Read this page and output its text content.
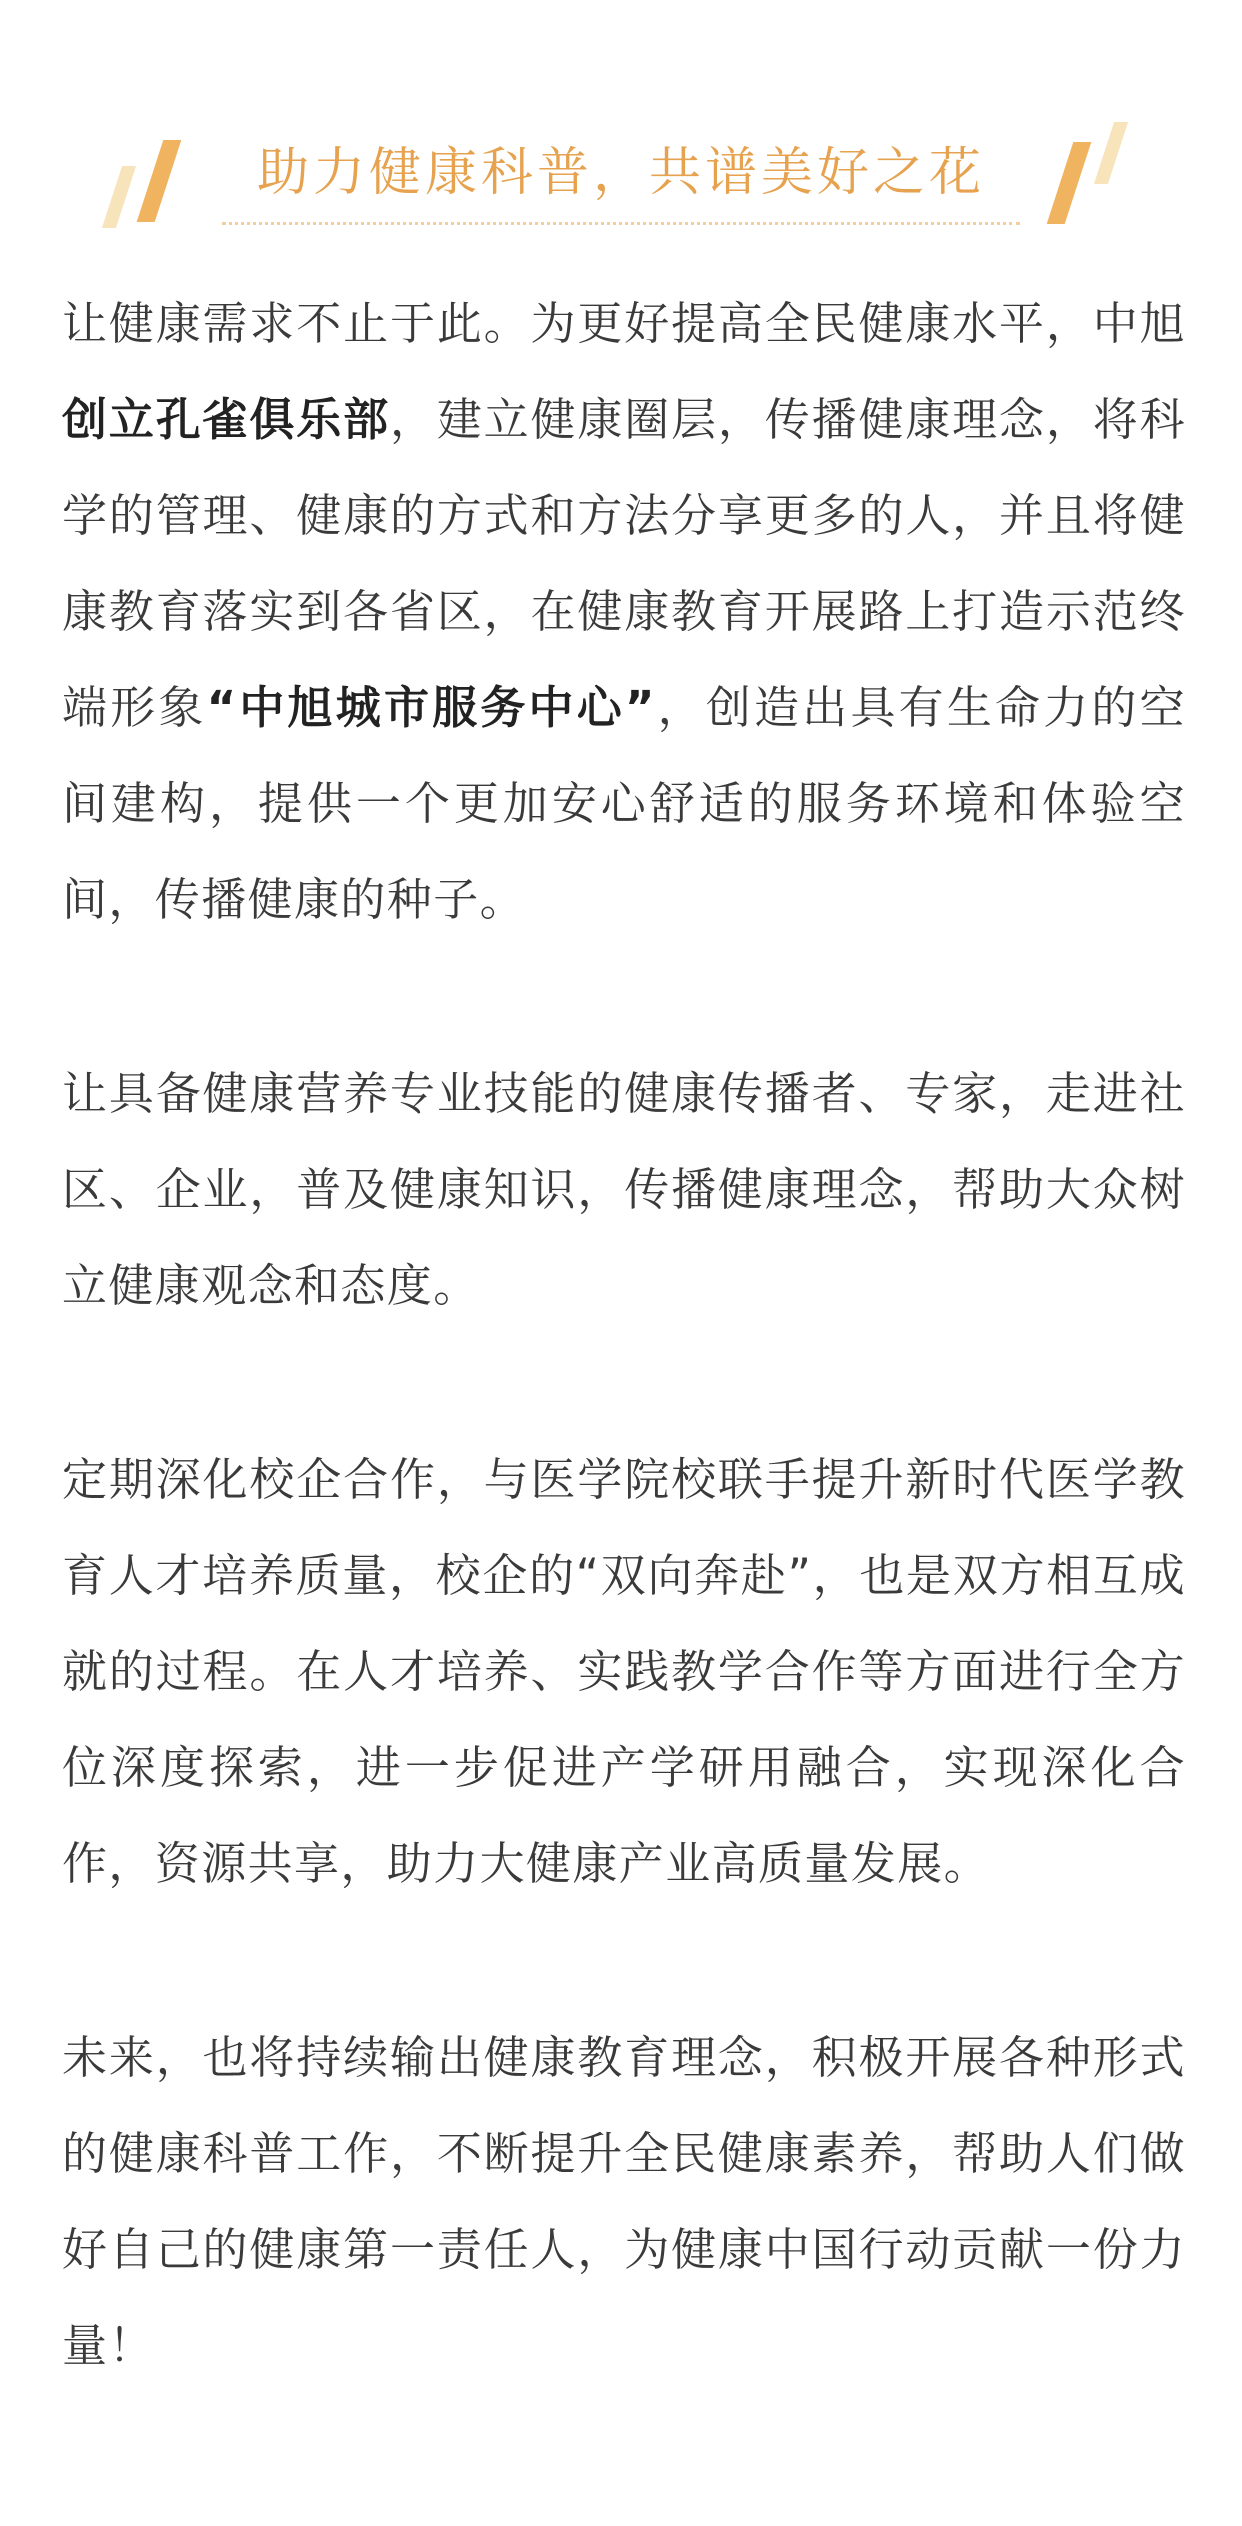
助力健康科普，共谱美好之花

让健康需求不止于此。为更好提高全民健康水平，中旭创立孔雀俱乐部，建立健康圈层，传播健康理念，将科学的管理、健康的方式和方法分享更多的人，并且将健康教育落实到各省区，在健康教育开展路上打造示范终端形象“中旭城市服务中心”，创造出具有生命力的空间建构，提供一个更加安心舒适的服务环境和体验空间，传播健康的种子。

让具备健康营养专业技能的健康传播者、专家，走进社区、企业，普及健康知识，传播健康理念，帮助大众树立健康观念和态度。

定期深化校企合作，与医学院校联手提升新时代医学教育人才培养质量，校企的“双向奔赴”，也是双方相互成就的过程。在人才培养、实践教学合作等方面进行全方位深度探索，进一步促进产学研用融合，实现深化合作，资源共享，助力大健康产业高质量发展。

未来，也将持续输出健康教育理念，积极开展各种形式的健康科普工作，不断提升全民健康素养，帮助人们做好自己的健康第一责任人，为健康中国行动贡献一份力量！
